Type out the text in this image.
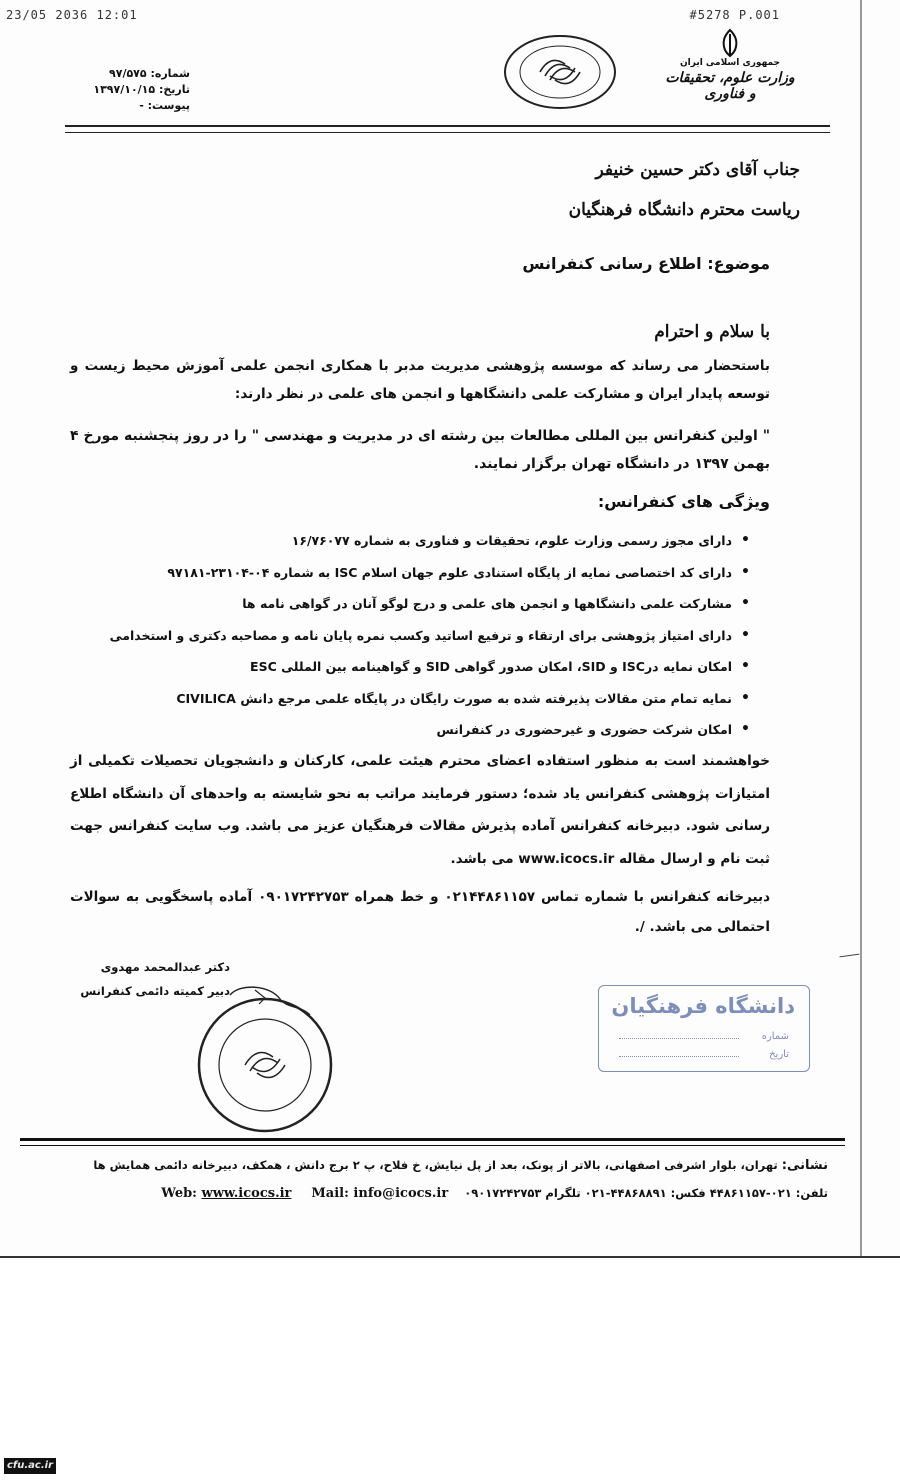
23/05 2036 12:01	#5278 P.001
شماره: ۹۷/۵۷۵
تاریخ: ۱۳۹۷/۱۰/۱۵
پیوست: -
جمهوری اسلامی ایران
وزارت علوم، تحقیقات و فناوری
جناب آقای دکتر حسین خنیفر
ریاست محترم دانشگاه فرهنگیان
موضوع: اطلاع رسانی کنفرانس
با سلام و احترام
باستحضار می رساند که موسسه پژوهشی مدیریت مدبر با همکاری انجمن علمی آموزش محیط زیست و توسعه پایدار ایران و مشارکت علمی دانشگاهها و انجمن های علمی در نظر دارند:
" اولین کنفرانس بین المللی مطالعات بین رشته ای در مدیریت و مهندسی " را در روز پنجشنبه مورخ ۴ بهمن ۱۳۹۷ در دانشگاه تهران برگزار نمایند.
ویژگی های کنفرانس:
• دارای مجوز رسمی وزارت علوم، تحقیقات و فناوری به شماره ۱۶/۷۶۰۷۷
• دارای کد اختصاصی نمایه از پایگاه استنادی علوم جهان اسلام ISC به شماره ۰۴-۲۳۱۰۴-۹۷۱۸۱
• مشارکت علمی دانشگاهها و انجمن های علمی و درج لوگو آنان در گواهی نامه ها
• دارای امتیاز پژوهشی برای ارتقاء و ترفیع اساتید وکسب نمره پایان نامه و مصاحبه دکتری و استخدامی
• امکان نمایه درISC و SID، امکان صدور گواهی SID و گواهینامه بین المللی ESC
• نمایه تمام متن مقالات پذیرفته شده به صورت رایگان در پایگاه علمی مرجع دانش CIVILICA
• امکان شرکت حضوری و غیرحضوری در کنفرانس
خواهشمند است به منظور استفاده اعضای محترم هیئت علمی، کارکنان و دانشجویان تحصیلات تکمیلی از امتیازات پژوهشی کنفرانس یاد شده؛ دستور فرمایند مراتب به نحو شایسته به واحدهای آن دانشگاه اطلاع رسانی شود. دبیرخانه کنفرانس آماده پذیرش مقالات فرهنگیان عزیز می باشد. وب سایت کنفرانس جهت ثبت نام و ارسال مقاله www.icocs.ir می باشد.
دبیرخانه کنفرانس با شماره تماس ۰۲۱۴۴۸۶۱۱۵۷ و خط همراه ۰۹۰۱۷۲۴۲۷۵۳ آماده پاسخگویی به سوالات احتمالی می باشد. /.
دکتر عبدالمحمد مهدوی
دبیر کمیته دائمی کنفرانس
دانشگاه فرهنگیان
شماره
تاریخ
نشانی: تهران، بلوار اشرفی اصفهانی، بالاتر از پونک، بعد از پل نیایش، خ فلاح، پ ۲ برج دانش ، همکف، دبیرخانه دائمی همایش ها
تلفن: ۰۲۱-۴۴۸۶۱۱۵۷ فکس: ۴۴۸۶۸۸۹۱-۰۲۱ تلگرام ۰۹۰۱۷۲۴۲۷۵۳    Mail: info@icocs.ir     Web: www.icocs.ir
cfu.ac.ir
